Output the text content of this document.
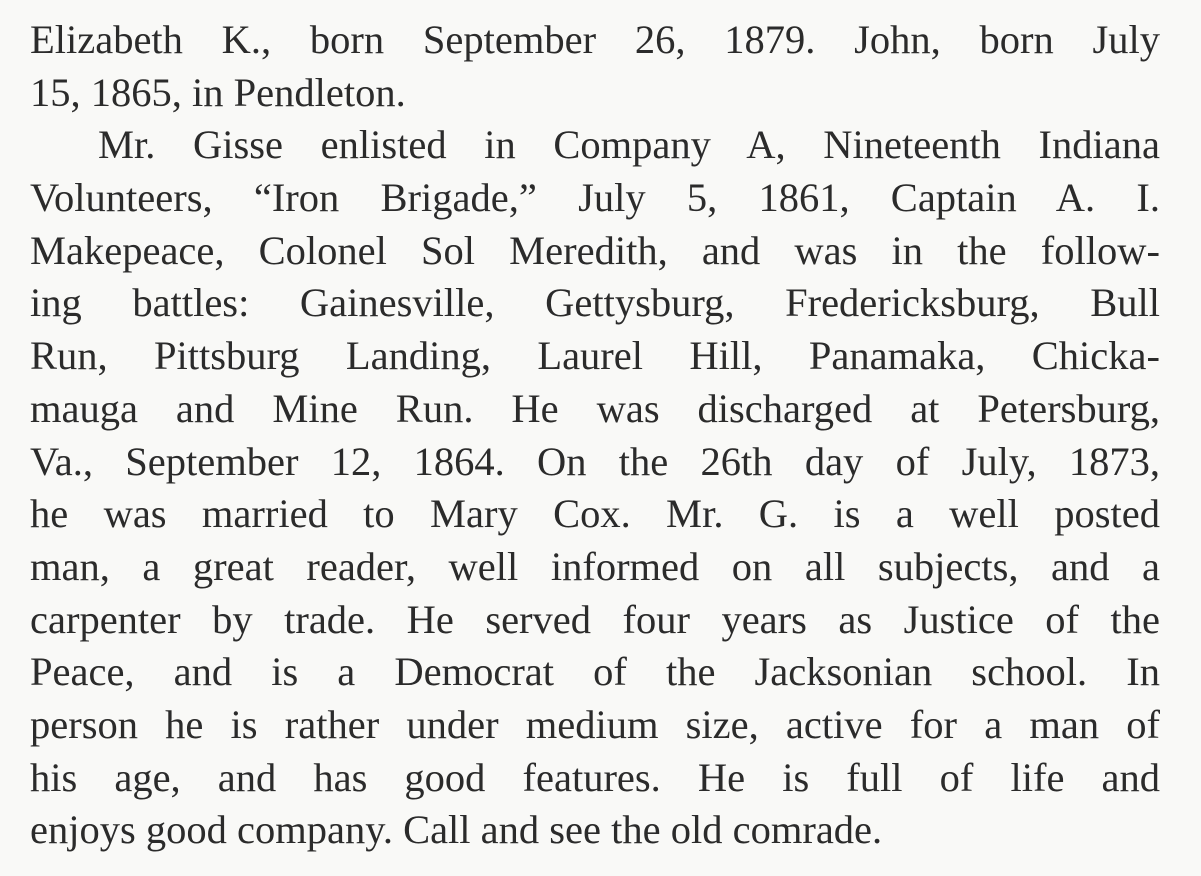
Elizabeth K., born September 26, 1879. John, born July
15, 1865, in Pendleton.
Mr. Gisse enlisted in Company A, Nineteenth Indiana
Volunteers, “Iron Brigade,” July 5, 1861, Captain A. I.
Makepeace, Colonel Sol Meredith, and was in the follow-
ing battles: Gainesville, Gettysburg, Fredericksburg, Bull
Run, Pittsburg Landing, Laurel Hill, Panamaka, Chicka-
mauga and Mine Run. He was discharged at Petersburg,
Va., September 12, 1864. On the 26th day of July, 1873,
he was married to Mary Cox. Mr. G. is a well posted
man, a great reader, well informed on all subjects, and a
carpenter by trade. He served four years as Justice of the
Peace, and is a Democrat of the Jacksonian school. In
person he is rather under medium size, active for a man of
his age, and has good features. He is full of life and
enjoys good company. Call and see the old comrade.
